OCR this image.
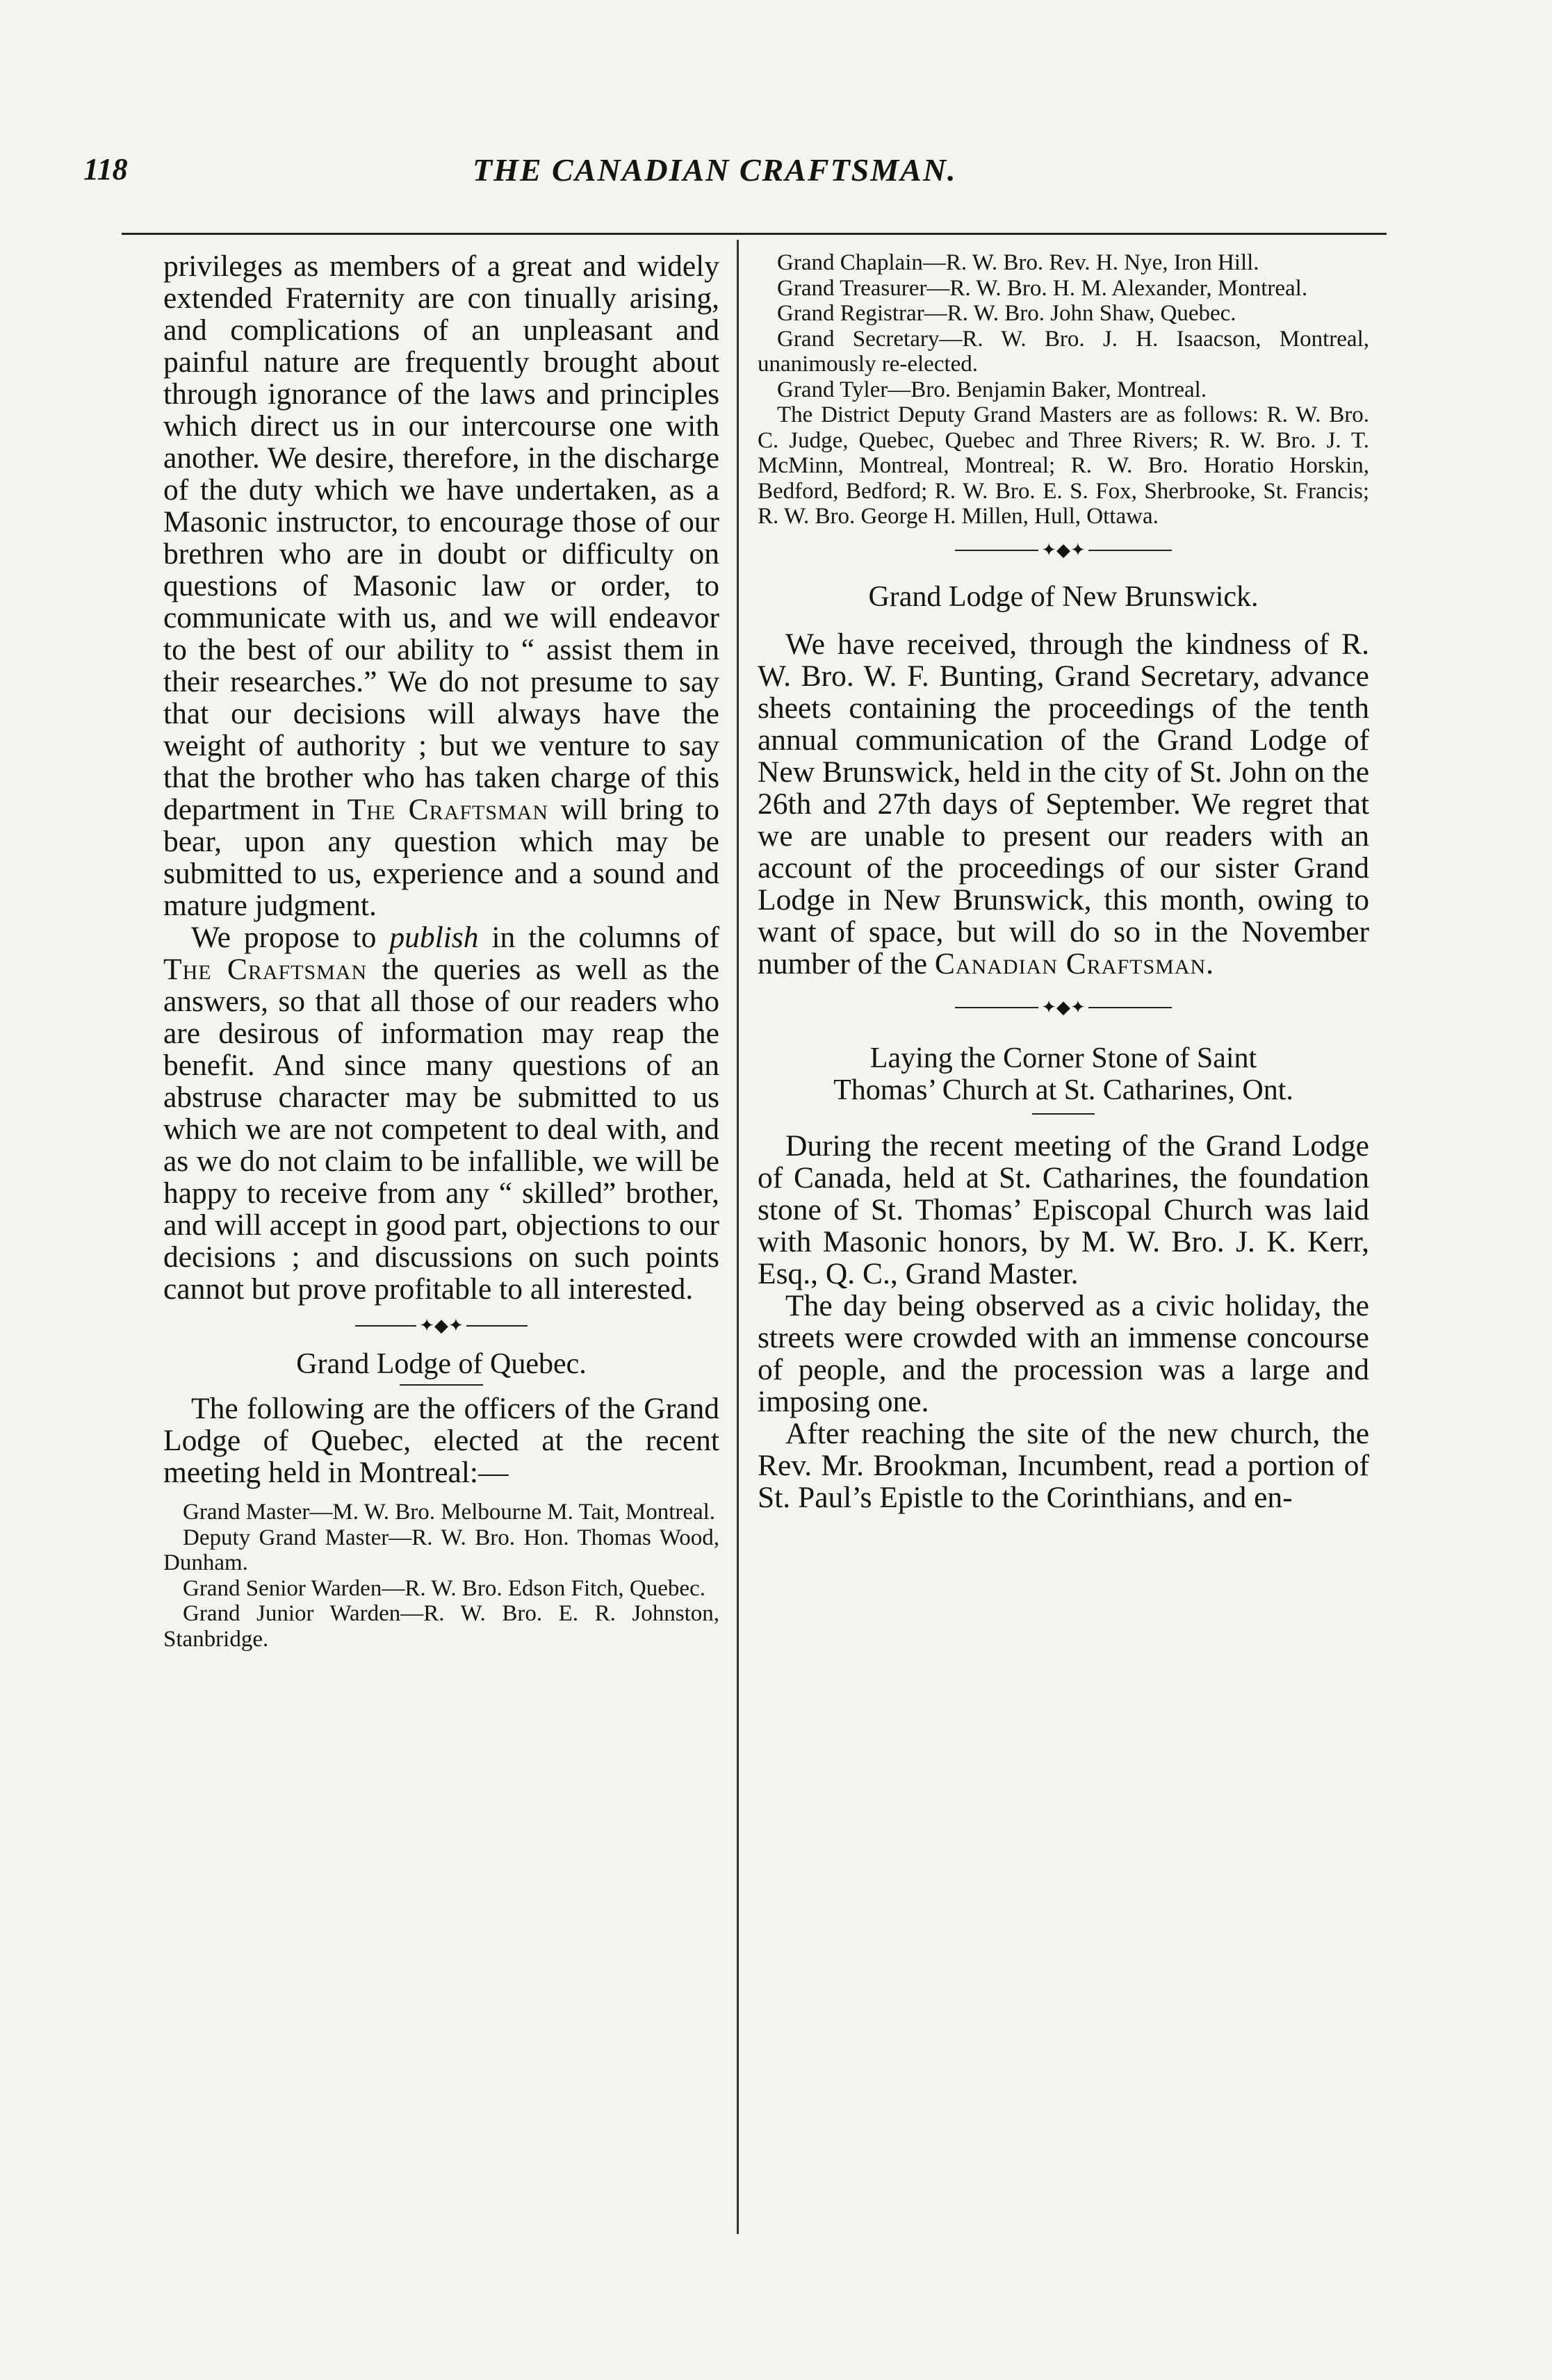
118	THE CANADIAN CRAFTSMAN.

privileges as members of a great and widely extended Fraternity are con tinually arising, and complications of an unpleasant and painful nature are frequently brought about through ignorance of the laws and principles which direct us in our intercourse one with another. We desire, therefore, in the discharge of the duty which we have undertaken, as a Masonic instructor, to encourage those of our brethren who are in doubt or difficulty on questions of Masonic law or order, to communicate with us, and we will endeavor to the best of our ability to “ assist them in their researches.” We do not presume to say that our decisions will always have the weight of authority ; but we venture to say that the brother who has taken charge of this department in The Craftsman will bring to bear, upon any question which may be submitted to us, experience and a sound and mature judgment.

We propose to publish in the columns of The Craftsman the queries as well as the answers, so that all those of our readers who are desirous of information may reap the benefit. And since many questions of an abstruse character may be submitted to us which we are not competent to deal with, and as we do not claim to be infallible, we will be happy to receive from any “ skilled” brother, and will accept in good part, objections to our decisions ; and discussions on such points cannot but prove profitable to all interested.

✦◆✦

Grand Lodge of Quebec.

The following are the officers of the Grand Lodge of Quebec, elected at the recent meeting held in Montreal:—

Grand Master—M. W. Bro. Melbourne M. Tait, Montreal.

Deputy Grand Master—R. W. Bro. Hon. Thomas Wood, Dunham.

Grand Senior Warden—R. W. Bro. Edson Fitch, Quebec.

Grand Junior Warden—R. W. Bro. E. R. Johnston, Stanbridge.

Grand Chaplain—R. W. Bro. Rev. H. Nye, Iron Hill.

Grand Treasurer—R. W. Bro. H. M. Alexander, Montreal.

Grand Registrar—R. W. Bro. John Shaw, Quebec.

Grand Secretary—R. W. Bro. J. H. Isaacson, Montreal, unanimously re-elected.

Grand Tyler—Bro. Benjamin Baker, Montreal.

The District Deputy Grand Masters are as follows: R. W. Bro. C. Judge, Quebec, Quebec and Three Rivers; R. W. Bro. J. T. McMinn, Montreal, Montreal; R. W. Bro. Horatio Horskin, Bedford, Bedford; R. W. Bro. E. S. Fox, Sherbrooke, St. Francis; R. W. Bro. George H. Millen, Hull, Ottawa.

✦◆✦

Grand Lodge of New Brunswick.

We have received, through the kindness of R. W. Bro. W. F. Bunting, Grand Secretary, advance sheets containing the proceedings of the tenth annual communication of the Grand Lodge of New Brunswick, held in the city of St. John on the 26th and 27th days of September. We regret that we are unable to present our readers with an account of the proceedings of our sister Grand Lodge in New Brunswick, this month, owing to want of space, but will do so in the November number of the Canadian Craftsman.

✦◆✦

Laying the Corner Stone of Saint
Thomas’ Church at St. Catharines, Ont.

During the recent meeting of the Grand Lodge of Canada, held at St. Catharines, the foundation stone of St. Thomas’ Episcopal Church was laid with Masonic honors, by M. W. Bro. J. K. Kerr, Esq., Q. C., Grand Master.

The day being observed as a civic holiday, the streets were crowded with an immense concourse of people, and the procession was a large and imposing one.

After reaching the site of the new church, the Rev. Mr. Brookman, Incumbent, read a portion of St. Paul’s Epistle to the Corinthians, and en-
